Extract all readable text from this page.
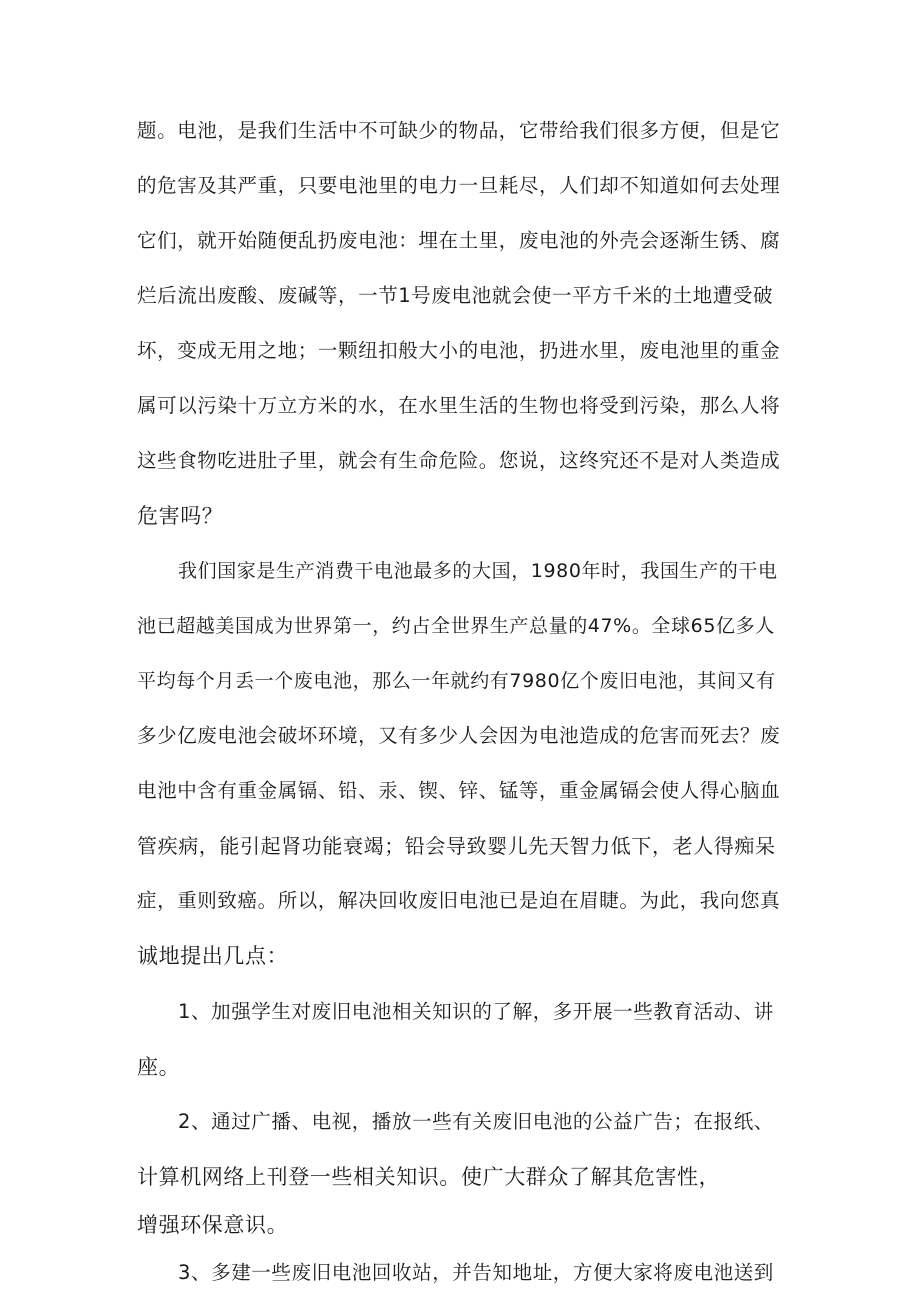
题。电池，是我们生活中不可缺少的物品，它带给我们很多方便，但是它
的危害及其严重，只要电池里的电力一旦耗尽，人们却不知道如何去处理
它们，就开始随便乱扔废电池：埋在土里，废电池的外壳会逐渐生锈、腐
烂后流出废酸、废碱等，一节1号废电池就会使一平方千米的土地遭受破
坏，变成无用之地；一颗纽扣般大小的电池，扔进水里，废电池里的重金
属可以污染十万立方米的水，在水里生活的生物也将受到污染，那么人将
这些食物吃进肚子里，就会有生命危险。您说，这终究还不是对人类造成
危害吗？
我们国家是生产消费干电池最多的大国，1980年时，我国生产的干电
池已超越美国成为世界第一，约占全世界生产总量的47%。全球65亿多人
平均每个月丢一个废电池，那么一年就约有7980亿个废旧电池，其间又有
多少亿废电池会破坏环境，又有多少人会因为电池造成的危害而死去？废
电池中含有重金属镉、铅、汞、锲、锌、锰等，重金属镉会使人得心脑血
管疾病，能引起肾功能衰竭；铅会导致婴儿先天智力低下，老人得痴呆
症，重则致癌。所以，解决回收废旧电池已是迫在眉睫。为此，我向您真
诚地提出几点：
1、加强学生对废旧电池相关知识的了解，多开展一些教育活动、讲
座。
2、通过广播、电视，播放一些有关废旧电池的公益广告；在报纸、
计算机网络上刊登一些相关知识。使广大群众了解其危害性，
增强环保意识。
3、多建一些废旧电池回收站，并告知地址，方便大家将废电池送到
